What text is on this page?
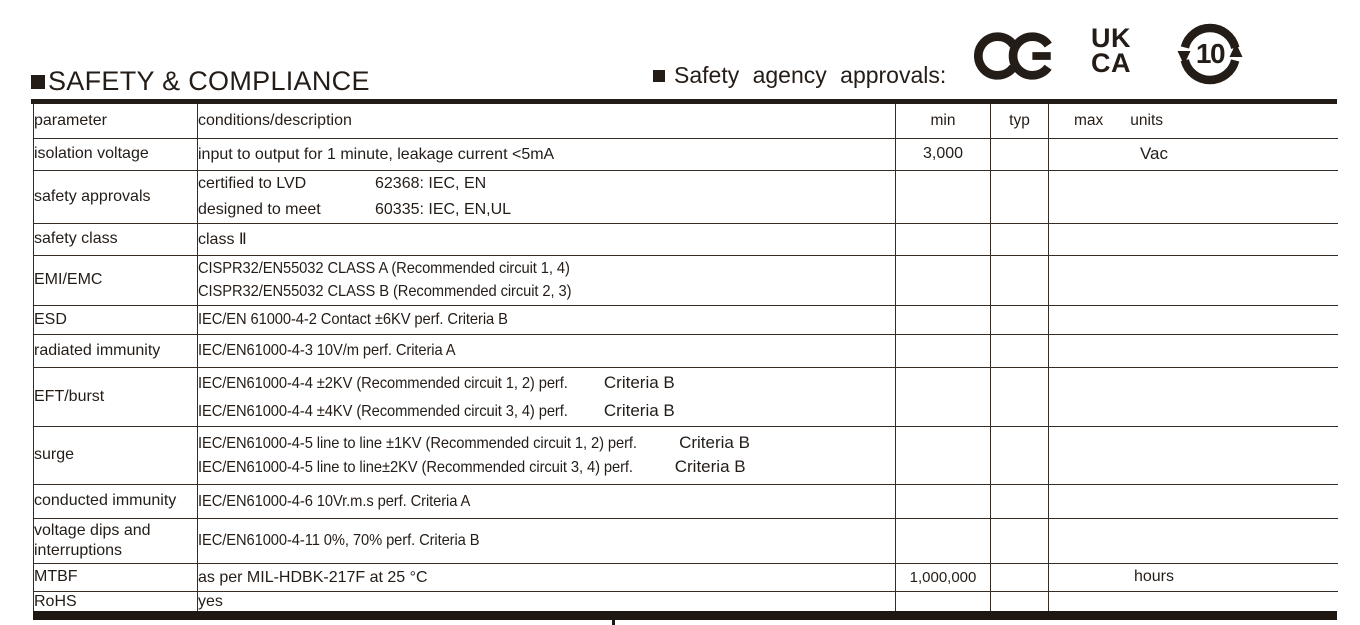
SAFETY & COMPLIANCE	Safety agency approvals:
UK
CA	10
parameter	conditions/description	min	typ	max units

isolation voltage	input to output for 1 minute, leakage current <5mA	3,000		Vac
safety approvals	certified to LVD 62368: IEC, EN
designed to meet 60335: IEC, EN,UL			

safety class	class Ⅱ			

EMI/EMC	CISPR32/EN55032 CLASS A (Recommended circuit 1, 4)
CISPR32/EN55032 CLASS B (Recommended circuit 2, 3)			

ESD	IEC/EN 61000-4-2 Contact ±6KV perf. Criteria B			

radiated immunity	IEC/EN61000-4-3 10V/m perf. Criteria A			

EFT/burst	IEC/EN61000-4-4 ±2KV (Recommended circuit 1, 2) perf. Criteria B
IEC/EN61000-4-4 ±4KV (Recommended circuit 3, 4) perf. Criteria B			

surge	IEC/EN61000-4-5 line to line ±1KV (Recommended circuit 1, 2) perf. Criteria B
IEC/EN61000-4-5 line to line±2KV (Recommended circuit 3, 4) perf. Criteria B			

conducted immunity	IEC/EN61000-4-6 10Vr.m.s perf. Criteria A			

voltage dips and interruptions	IEC/EN61000-4-11 0%, 70% perf. Criteria B			

MTBF	as per MIL-HDBK-217F at 25 °C	1,000,000		hours
RoHS	yes			
